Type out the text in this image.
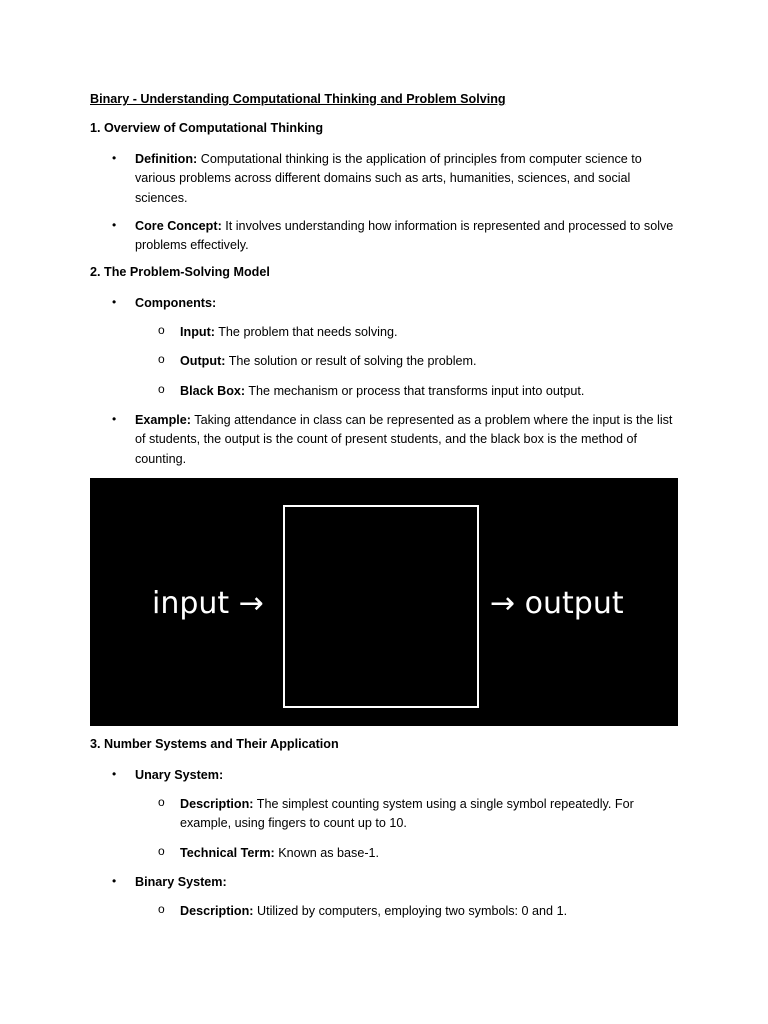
Binary - Understanding Computational Thinking and Problem Solving
1. Overview of Computational Thinking
•	Definition: Computational thinking is the application of principles from computer science to various problems across different domains such as arts, humanities, sciences, and social sciences.
•	Core Concept: It involves understanding how information is represented and processed to solve problems effectively.
2. The Problem-Solving Model
•	Components:
o Input: The problem that needs solving.
o Output: The solution or result of solving the problem.
o Black Box: The mechanism or process that transforms input into output.
•	Example: Taking attendance in class can be represented as a problem where the input is the list of students, the output is the count of present students, and the black box is the method of counting.
input →	→ output
3. Number Systems and Their Application
•	Unary System:
o Description: The simplest counting system using a single symbol repeatedly. For example, using fingers to count up to 10.
o Technical Term: Known as base-1.
•	Binary System:
o Description: Utilized by computers, employing two symbols: 0 and 1.
